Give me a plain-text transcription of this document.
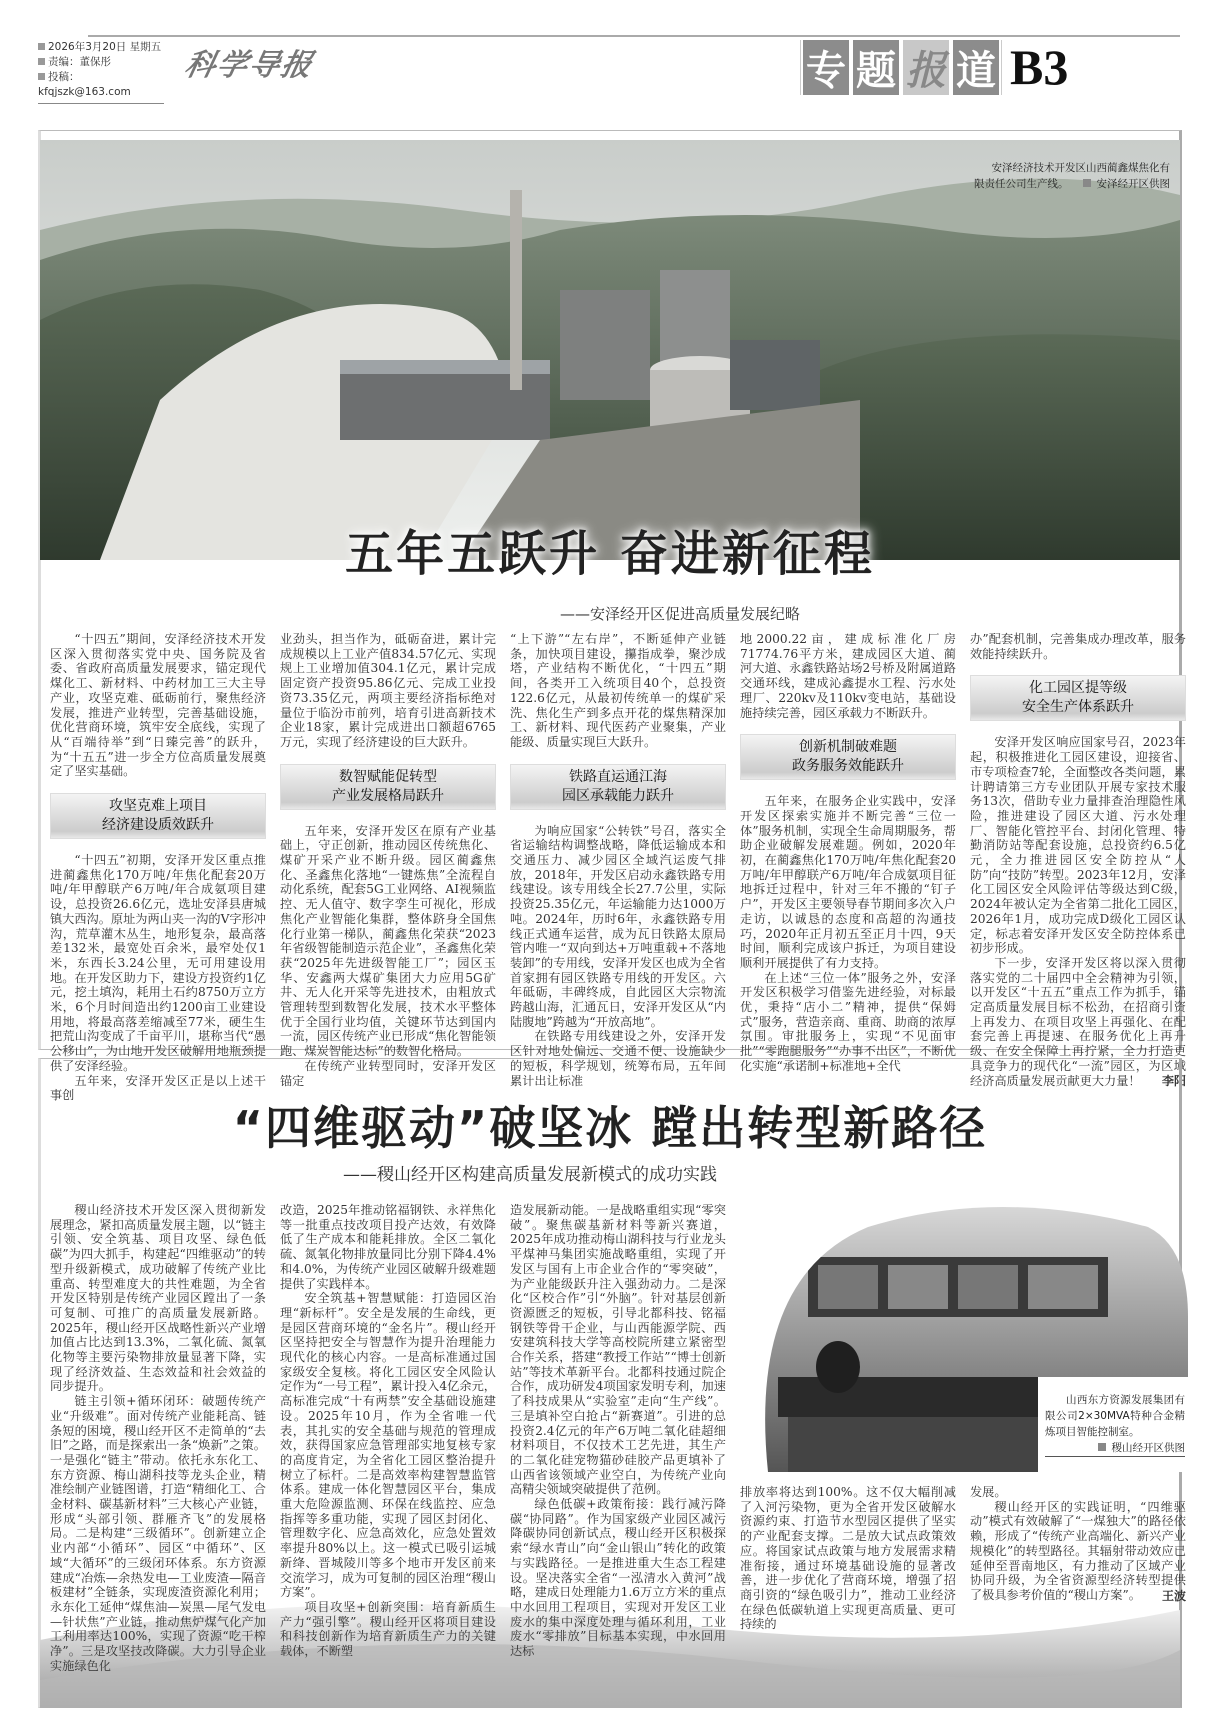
2026年3月20日 星期五
责编：董保彤
投稿：kfqjszk@163.com
科学导报	专 题 报 道 B3
安泽经济技术开发区山西蔺鑫煤焦化有
限责任公司生产线。	安泽经开区供图
五年五跃升 奋进新征程
——安泽经开区促进高质量发展纪略

“十四五”期间，安泽经济技术开发区深入贯彻落实党中央、国务院及省委、省政府高质量发展要求，锚定现代煤化工、新材料、中药材加工三大主导产业，攻坚克难、砥砺前行，聚焦经济发展，推进产业转型，完善基础设施，优化营商环境，筑牢安全底线，实现了从“百端待举”到“日臻完善”的跃升，为“十五五”进一步全方位高质量发展奠定了坚实基础。

攻坚克难上项目
经济建设质效跃升

“十四五”初期，安泽开发区重点推进蔺鑫焦化170万吨/年焦化配套20万吨/年甲醇联产6万吨/年合成氨项目建设，总投资26.6亿元，选址安泽县唐城镇大西沟。原址为两山夹一沟的V字形冲沟，荒草灌木丛生，地形复杂，最高落差132米，最宽处百余米，最窄处仅1米，东西长3.24公里，无可用建设用地。在开发区助力下，建设方投资约1亿元，挖土填沟，耗用土石约8750万立方米，6个月时间造出约1200亩工业建设用地，将最高落差缩减至77米，硬生生把荒山沟变成了千亩平川，堪称当代“愚公移山”，为山地开发区破解用地瓶颈提供了安泽经验。

五年来，安泽开发区正是以上述干事创

业劲头，担当作为，砥砺奋进，累计完成规模以上工业产值834.57亿元、实现规上工业增加值304.1亿元，累计完成固定资产投资95.86亿元、完成工业投资73.35亿元，两项主要经济指标绝对量位于临汾市前列，培育引进高新技术企业18家，累计完成进出口额超6765万元，实现了经济建设的巨大跃升。

数智赋能促转型
产业发展格局跃升

五年来，安泽开发区在原有产业基础上，守正创新，推动园区传统焦化、煤矿开采产业不断升级。园区蔺鑫焦化、圣鑫焦化落地“一键炼焦”全流程自动化系统，配套5G工业网络、AI视频监控、无人值守、数字孪生可视化，形成焦化产业智能化集群，整体跻身全国焦化行业第一梯队，蔺鑫焦化荣获“2023年省级智能制造示范企业”，圣鑫焦化荣获“2025年先进级智能工厂”；园区玉华、安鑫两大煤矿集团大力应用5G矿井、无人化开采等先进技术，由粗放式管理转型到数智化发展，技术水平整体优于全国行业均值，关键环节达到国内一流，园区传统产业已形成“焦化智能领跑、煤炭智能达标”的数智化格局。

在传统产业转型同时，安泽开发区锚定

“上下游”“左右岸”，不断延伸产业链条，加快项目建设，攥指成拳，聚沙成塔，产业结构不断优化，“十四五”期间，各类开工入统项目40个，总投资122.6亿元，从最初传统单一的煤矿采洗、焦化生产到多点开花的煤焦精深加工、新材料、现代医药产业聚集，产业能级、质量实现巨大跃升。

铁路直运通江海
园区承载能力跃升

为响应国家“公转铁”号召，落实全省运输结构调整战略，降低运输成本和交通压力、减少园区全域汽运废气排放，2018年，开发区启动永鑫铁路专用线建设。该专用线全长27.7公里，实际投资25.35亿元，年运输能力达1000万吨。2024年，历时6年，永鑫铁路专用线正式通车运营，成为瓦日铁路太原局管内唯一“双向到达+万吨重载+不落地装卸”的专用线，安泽开发区也成为全省首家拥有园区铁路专用线的开发区。六年砥砺，丰碑终成，自此园区大宗物流跨越山海，汇通瓦日，安泽开发区从“内陆腹地”跨越为“开放高地”。

在铁路专用线建设之外，安泽开发区针对地处偏远、交通不便、设施缺少的短板，科学规划，统筹布局，五年间累计出让标准

地2000.22亩，建成标准化厂房71774.76平方米，建成园区大道、蔺河大道、永鑫铁路站场2号桥及附属道路交通环线，建成沁鑫提水工程、污水处理厂、220kv及110kv变电站，基础设施持续完善，园区承载力不断跃升。

创新机制破难题
政务服务效能跃升

五年来，在服务企业实践中，安泽开发区探索实施并不断完善“三位一体”服务机制，实现全生命周期服务，帮助企业破解发展难题。例如，2020年初，在蔺鑫焦化170万吨/年焦化配套20万吨/年甲醇联产6万吨/年合成氨项目征地拆迁过程中，针对三年不搬的“钉子户”，开发区主要领导春节期间多次入户走访，以诚恳的态度和高超的沟通技巧，2020年正月初五至正月十四，9天时间，顺利完成该户拆迁，为项目建设顺利开展提供了有力支持。

在上述“三位一体”服务之外，安泽开发区积极学习借鉴先进经验，对标最优，秉持“店小二”精神，提供“保姆式”服务，营造亲商、重商、助商的浓厚氛围。审批服务上，实现“不见面审批”“零跑腿服务”“办事不出区”，不断优化实施“承诺制+标准地+全代

办”配套机制，完善集成办理改革，服务效能持续跃升。

化工园区提等级
安全生产体系跃升

安泽开发区响应国家号召，2023年起，积极推进化工园区建设，迎接省、市专项检查7轮，全面整改各类问题，累计聘请第三方专业团队开展专家技术服务13次，借助专业力量排查治理隐性风险，推进建设了园区大道、污水处理厂、智能化管控平台、封闭化管理、特勤消防站等配套设施，总投资约6.5亿元，全力推进园区安全防控从“人防”向“技防”转型。2023年12月，安泽化工园区安全风险评估等级达到C级，2024年被认定为全省第二批化工园区，2026年1月，成功完成D级化工园区认定，标志着安泽开发区安全防控体系已初步形成。

下一步，安泽开发区将以深入贯彻落实党的二十届四中全会精神为引领，以开发区“十五五”重点工作为抓手，锚定高质量发展目标不松劲，在招商引资上再发力、在项目攻坚上再强化、在配套完善上再提速、在服务优化上再升级、在安全保障上再拧紧，全力打造更具竞争力的现代化“一流”园区，为区域经济高质量发展贡献更大力量！	李阳
“四维驱动”破坚冰 蹚出转型新路径
——稷山经开区构建高质量发展新模式的成功实践
山西东方资源发展集团有限公司2×30MVA特种合金精炼项目智能控制室。
稷山经开区供图

稷山经济技术开发区深入贯彻新发展理念，紧扣高质量发展主题，以“链主引领、安全筑基、项目攻坚、绿色低碳”为四大抓手，构建起“四维驱动”的转型升级新模式，成功破解了传统产业比重高、转型难度大的共性难题，为全省开发区特别是传统产业园区蹚出了一条可复制、可推广的高质量发展新路。2025年，稷山经开区战略性新兴产业增加值占比达到13.3%，二氧化硫、氮氧化物等主要污染物排放量显著下降，实现了经济效益、生态效益和社会效益的同步提升。

链主引领+循环闭环：破题传统产业“升级难”。面对传统产业能耗高、链条短的困境，稷山经开区不走简单的“去旧”之路，而是探索出一条“焕新”之策。一是强化“链主”带动。依托永东化工、东方资源、梅山湖科技等龙头企业，精准绘制产业链图谱，打造“精细化工、合金材料、碳基新材料”三大核心产业链，形成“头部引领、群雁齐飞”的发展格局。二是构建“三级循环”。创新建立企业内部“小循环”、园区“中循环”、区域“大循环”的三级闭环体系。东方资源建成“冶炼—余热发电—工业废渣—隔音板建材”全链条，实现废渣资源化利用；永东化工延伸“煤焦油—炭黑—尾气发电—针状焦”产业链，推动焦炉煤气化产加工利用率达100%，实现了资源“吃干榨净”。三是攻坚技改降碳。大力引导企业实施绿色化

改造，2025年推动铭福钢铁、永祥焦化等一批重点技改项目投产达效，有效降低了生产成本和能耗排放。全区二氧化硫、氮氧化物排放量同比分别下降4.4%和4.0%，为传统产业园区破解升级难题提供了实践样本。

安全筑基+智慧赋能：打造园区治理“新标杆”。安全是发展的生命线，更是园区营商环境的“金名片”。稷山经开区坚持把安全与智慧作为提升治理能力现代化的核心内容。一是高标准通过国家级安全复核。将化工园区安全风险认定作为“一号工程”，累计投入4亿余元，高标准完成“十有两禁”安全基础设施建设。2025年10月，作为全省唯一代表，其扎实的安全基础与规范的管理成效，获得国家应急管理部实地复核专家的高度肯定，为全省化工园区整治提升树立了标杆。二是高效率构建智慧监管体系。建成一体化智慧园区平台，集成重大危险源监测、环保在线监控、应急指挥等多重功能，实现了园区封闭化、管理数字化、应急高效化，应急处置效率提升80%以上。这一模式已吸引运城新绛、晋城陵川等多个地市开发区前来交流学习，成为可复制的园区治理“稷山方案”。

项目攻坚+创新突围：培育新质生产力“强引擎”。稷山经开区将项目建设和科技创新作为培育新质生产力的关键载体，不断塑

造发展新动能。一是战略重组实现“零突破”。聚焦碳基新材料等新兴赛道，2025年成功推动梅山湖科技与行业龙头平煤神马集团实施战略重组，实现了开发区与国有上市企业合作的“零突破”，为产业能级跃升注入强劲动力。二是深化“区校合作”引“外脑”。针对基层创新资源匮乏的短板，引导北都科技、铭福钢铁等骨干企业，与山西能源学院、西安建筑科技大学等高校院所建立紧密型合作关系，搭建“教授工作站”“博士创新站”等技术革新平台。北都科技通过院企合作，成功研发4项国家发明专利，加速了科技成果从“实验室”走向“生产线”。三是填补空白抢占“新赛道”。引进的总投资2.4亿元的年产6万吨二氧化硅超细材料项目，不仅技术工艺先进，其生产的二氧化硅宠物猫砂硅胶产品更填补了山西省该领域产业空白，为传统产业向高精尖领域突破提供了范例。

绿色低碳+政策衔接：践行减污降碳“协同路”。作为国家级产业园区减污降碳协同创新试点，稷山经开区积极探索“绿水青山”向“金山银山”转化的政策与实践路径。一是推进重大生态工程建设。坚决落实全省“一泓清水入黄河”战略，建成日处理能力1.6万立方米的重点中水回用工程项目，实现对开发区工业废水的集中深度处理与循环利用，工业废水“零排放”目标基本实现，中水回用达标

排放率将达到100%。这不仅大幅削减了入河污染物，更为全省开发区破解水资源约束、打造节水型园区提供了坚实的产业配套支撑。二是放大试点政策效应。将国家试点政策与地方发展需求精准衔接，通过环境基础设施的显著改善，进一步优化了营商环境，增强了招商引资的“绿色吸引力”，推动工业经济在绿色低碳轨道上实现更高质量、更可持续的

发展。

稷山经开区的实践证明，“四维驱动”模式有效破解了“一煤独大”的路径依赖，形成了“传统产业高端化、新兴产业规模化”的转型路径。其辐射带动效应已延伸至晋南地区，有力推动了区域产业协同升级，为全省资源型经济转型提供了极具参考价值的“稷山方案”。	王波
